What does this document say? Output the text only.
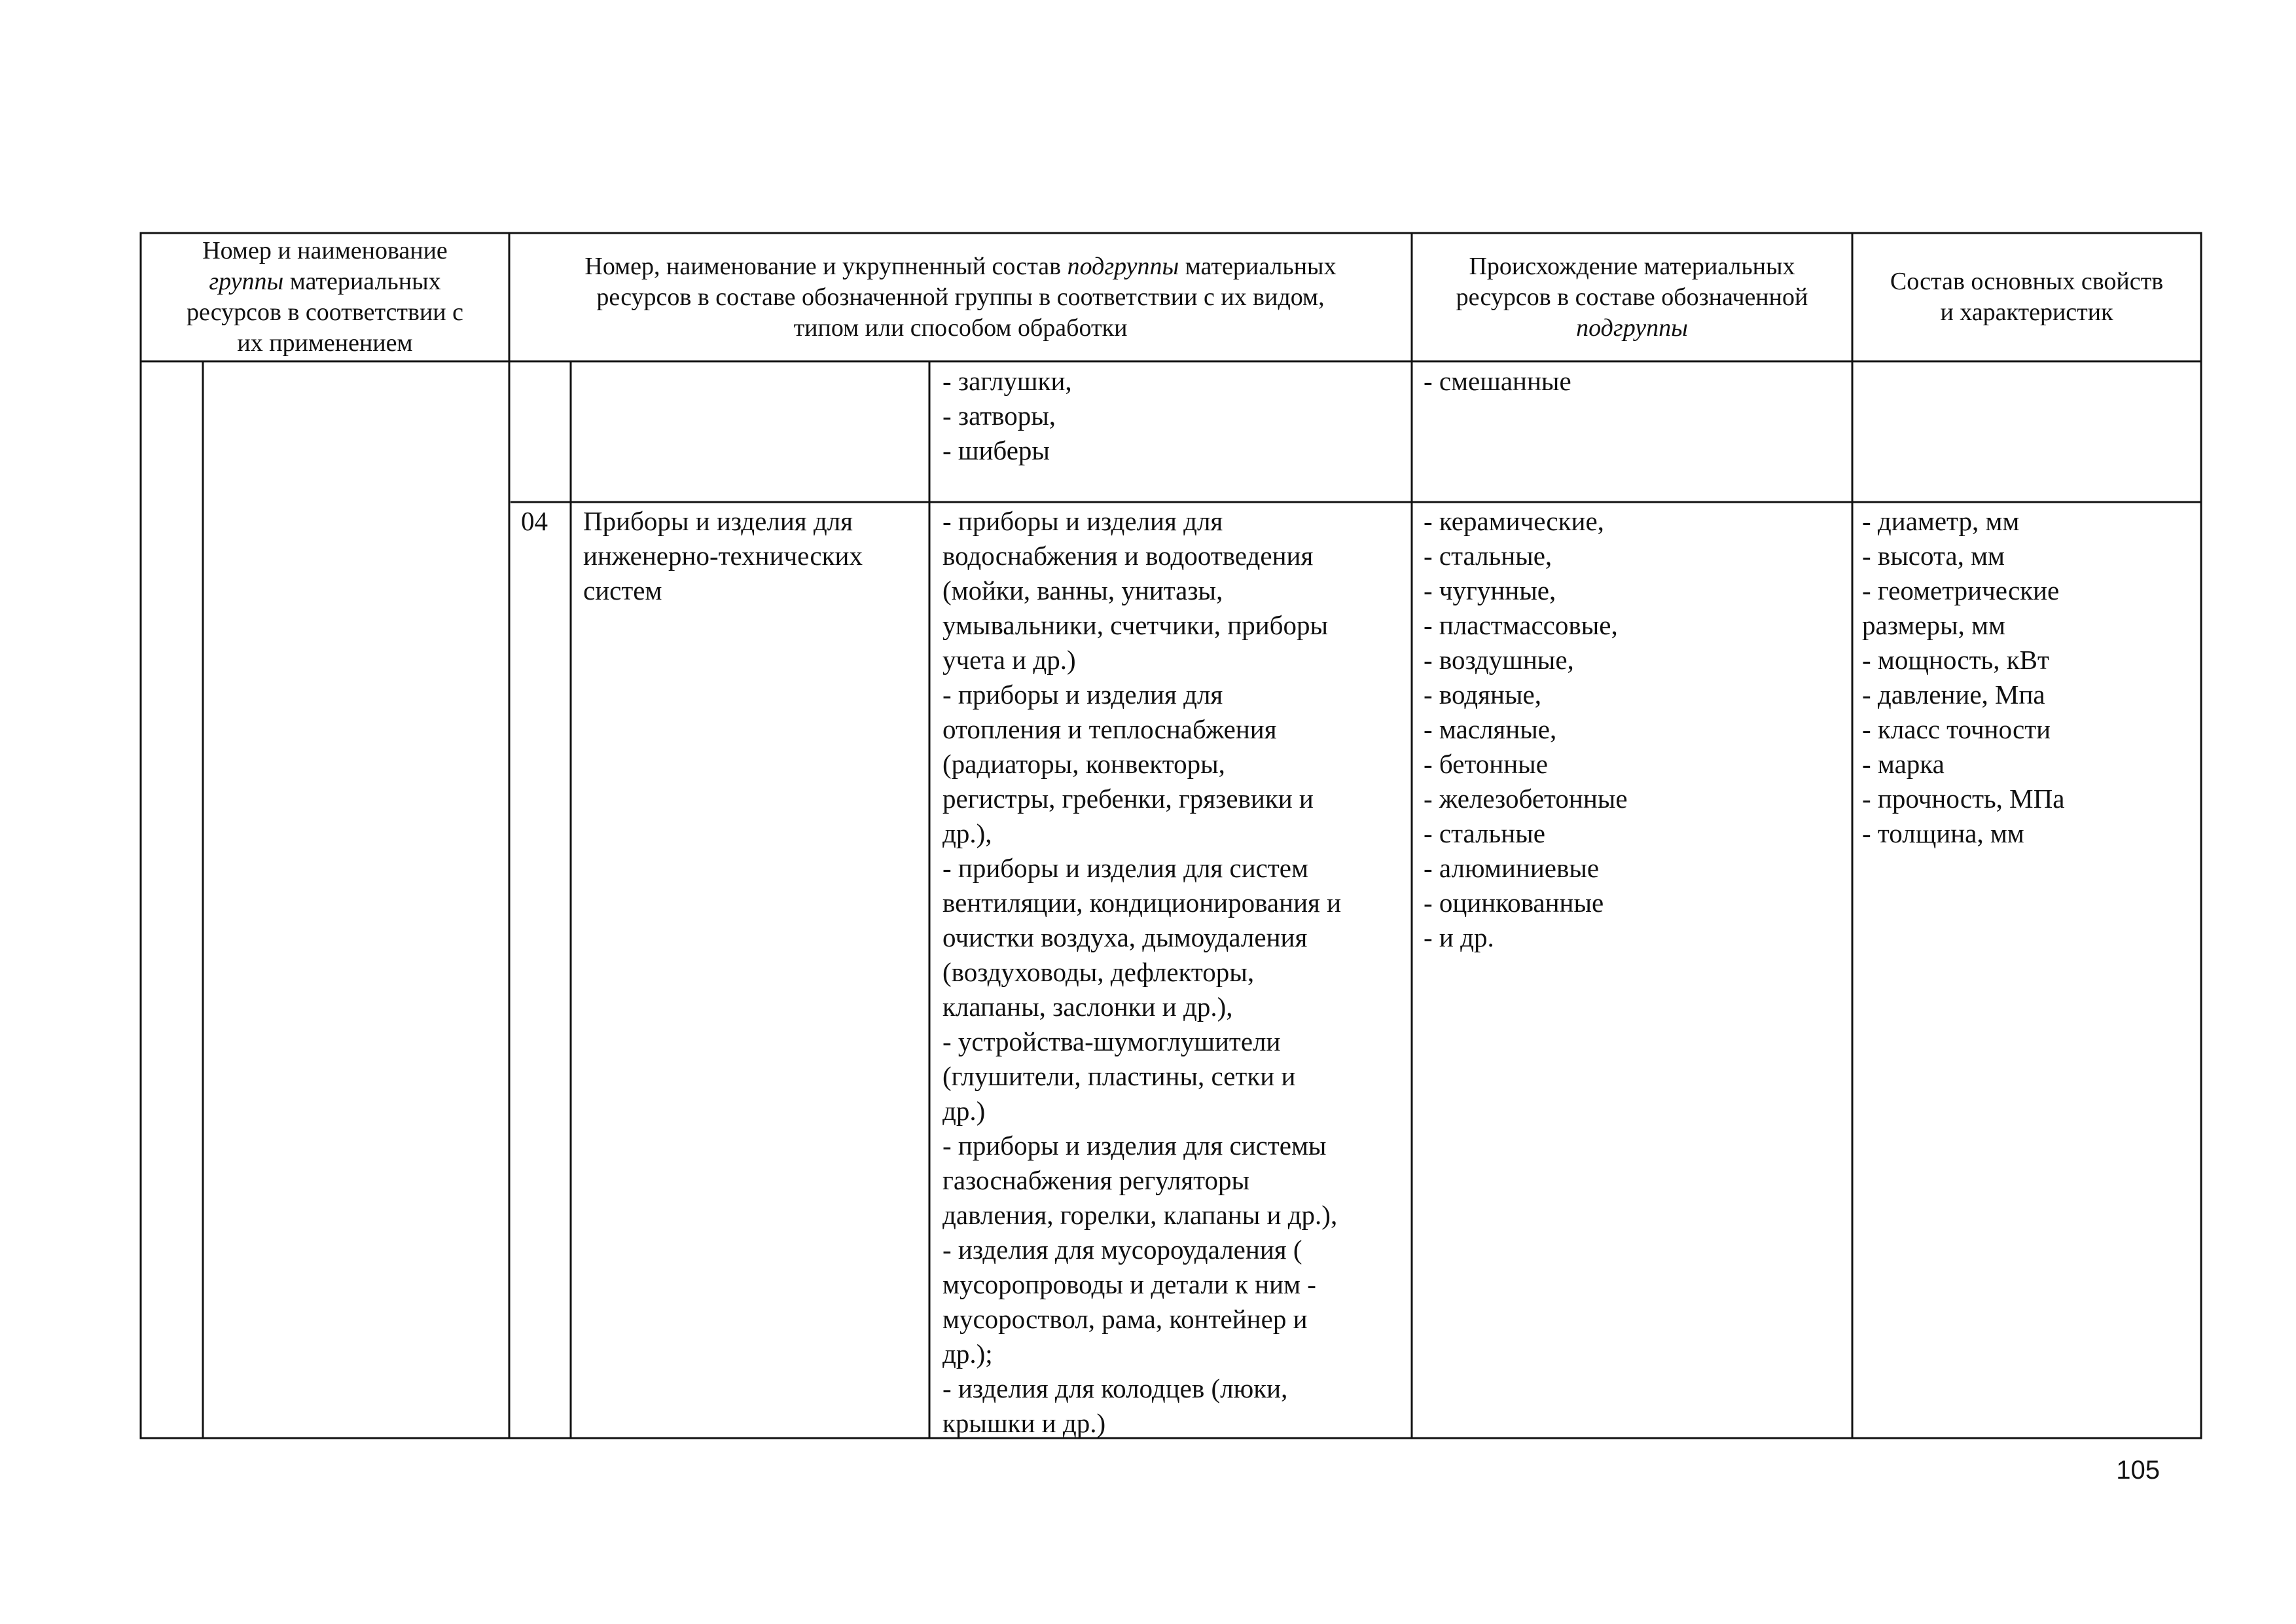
Номер и наименование
группы материальных
ресурсов в соответствии с
их применением
Номер, наименование и укрупненный состав подгруппы материальных
ресурсов в составе обозначенной группы в соответствии с их видом,
типом или способом обработки
Происхождение материальных
ресурсов в составе обозначенной
подгруппы
Состав основных свойств
и характеристик
- заглушки,
- затворы,
- шиберы
- смешанные
04	Приборы и изделия для
инженерно-технических
систем
- приборы и изделия для
водоснабжения и водоотведения
(мойки, ванны, унитазы,
умывальники, счетчики, приборы
учета и др.)
- приборы и изделия для
отопления и теплоснабжения
(радиаторы, конвекторы,
регистры, гребенки, грязевики и
др.),
- приборы и изделия для систем
вентиляции, кондиционирования и
очистки воздуха, дымоудаления
(воздуховоды, дефлекторы,
клапаны, заслонки и др.),
- устройства-шумоглушители
(глушители, пластины, сетки и
др.)
- приборы и изделия для системы
газоснабжения регуляторы
давления, горелки, клапаны и др.),
- изделия для мусороудаления (
мусоропроводы и детали к ним -
мусороствол, рама, контейнер и
др.);
- изделия для колодцев (люки,
крышки и др.)
- керамические,
- стальные,
- чугунные,
- пластмассовые,
- воздушные,
- водяные,
- масляные,
- бетонные
- железобетонные
- стальные
- алюминиевые
- оцинкованные
- и др.
- диаметр, мм
- высота, мм
- геометрические
размеры, мм
- мощность, кВт
- давление, Мпа
- класс точности
- марка
- прочность, МПа
- толщина, мм
105
